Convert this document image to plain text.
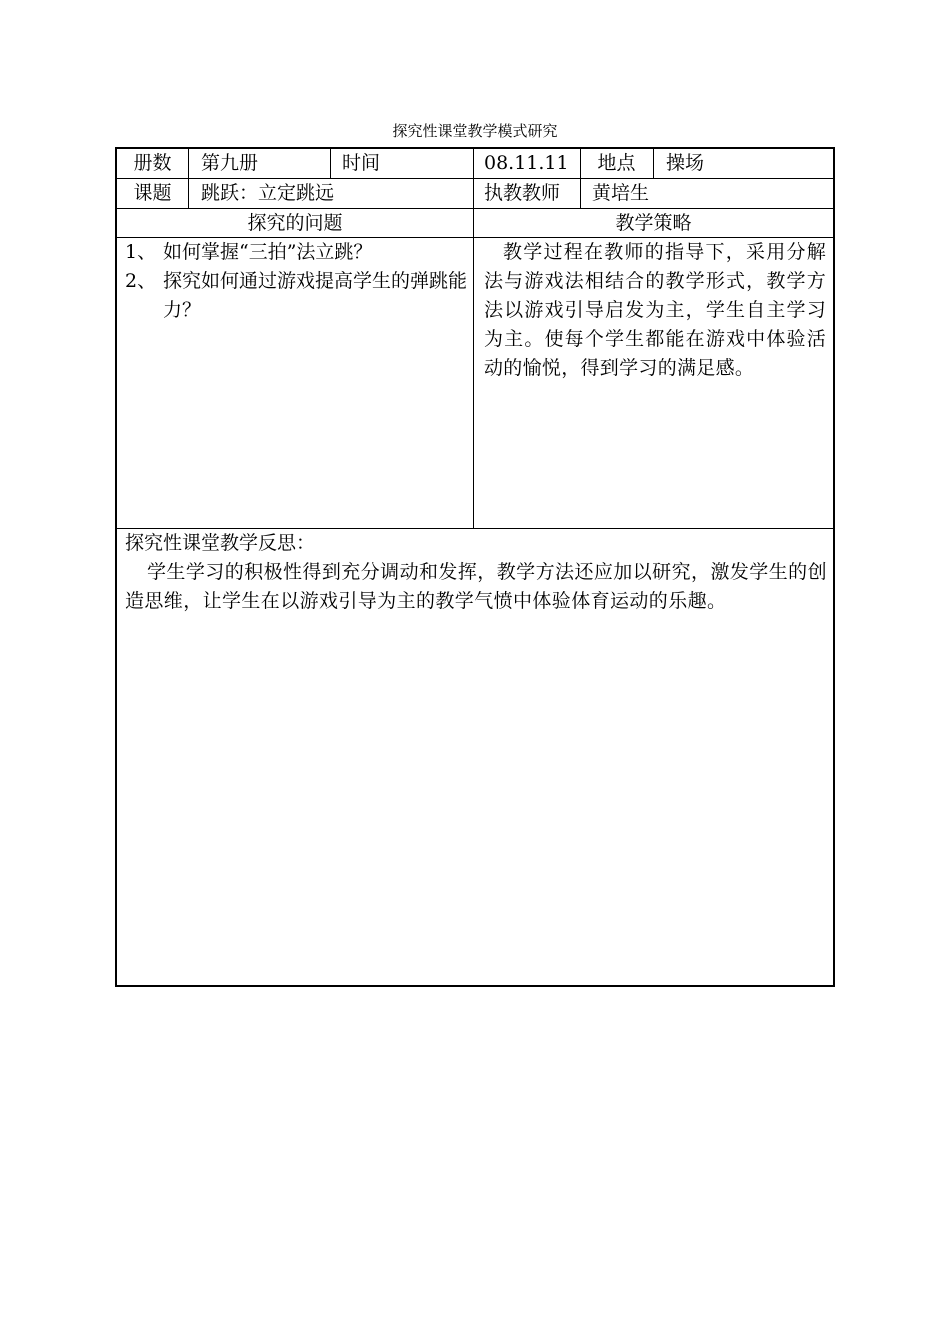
探究性课堂教学模式研究
册数	第九册	时间	08.11.11	地点	操场
课题	跳跃：立定跳远	执教教师 黄培生
探究的问题	教学策略
1、 如何掌握“三拍”法立跳？
2、 探究如何通过游戏提高学生的弹跳能力？
教学过程在教师的指导下，采用分解法与游戏法相结合的教学形式，教学方法以游戏引导启发为主，学生自主学习为主。使每个学生都能在游戏中体验活动的愉悦，得到学习的满足感。
探究性课堂教学反思：
学生学习的积极性得到充分调动和发挥，教学方法还应加以研究，激发学生的创造思维，让学生在以游戏引导为主的教学气愤中体验体育运动的乐趣。
